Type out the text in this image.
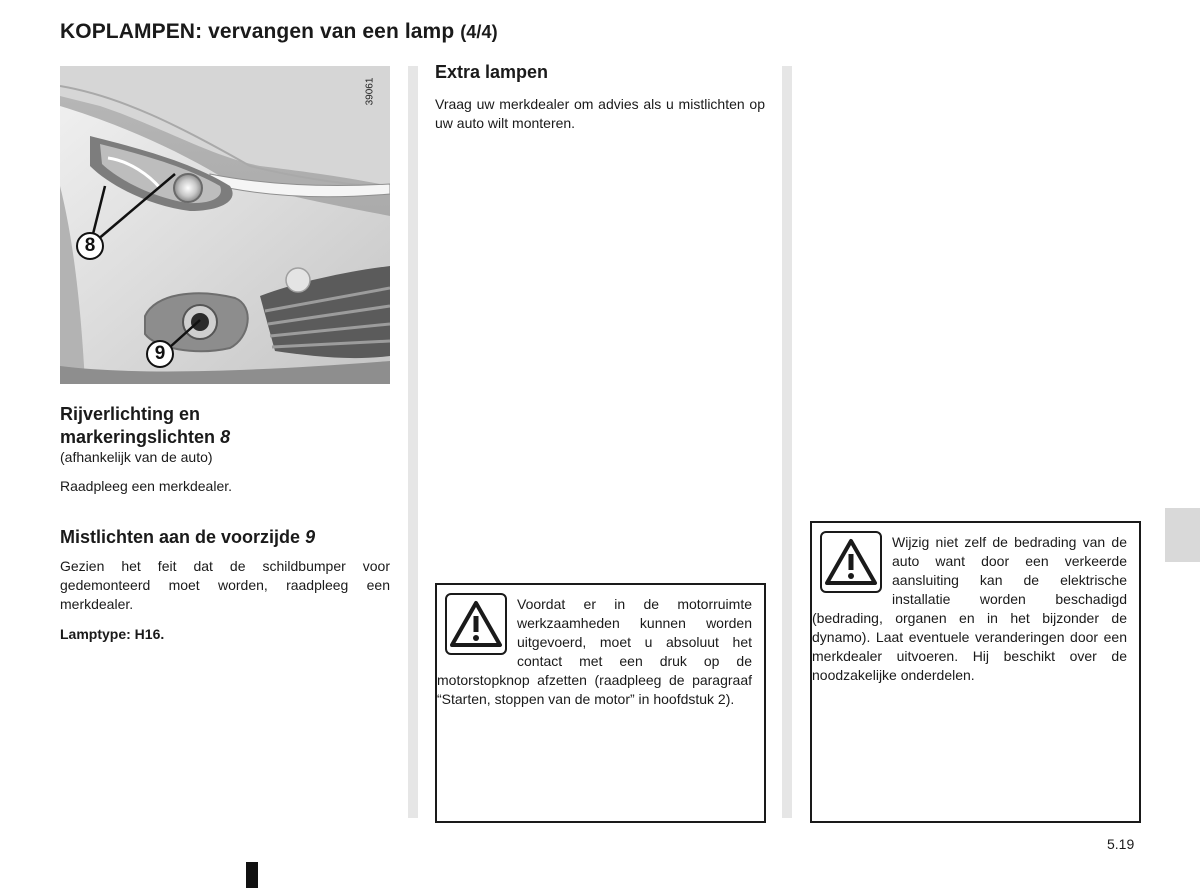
KOPLAMPEN: vervangen van een lamp (4/4)
39061
8
9
Rijverlichting en
markeringslichten 8
(afhankelijk van de auto)
Raadpleeg een merkdealer.
Mistlichten aan de voorzijde 9
Gezien het feit dat de schildbumper voor gedemonteerd moet worden, raadpleeg een merkdealer.
Lamptype: H16.
Extra lampen
Vraag uw merkdealer om advies als u mistlichten op uw auto wilt monteren.
Voordat er in de motorruimte werkzaamheden kunnen worden uitgevoerd, moet u absoluut het contact met een druk op de motorstopknop afzetten (raadpleeg de paragraaf “Starten, stoppen van de motor” in hoofdstuk 2).
Wijzig niet zelf de bedrading van de auto want door een verkeerde aansluiting kan de elektrische installatie worden beschadigd (bedrading, organen en in het bijzonder de dynamo). Laat eventuele veranderingen door een merkdealer uitvoeren. Hij beschikt over de noodzakelijke onderdelen.
5.19
